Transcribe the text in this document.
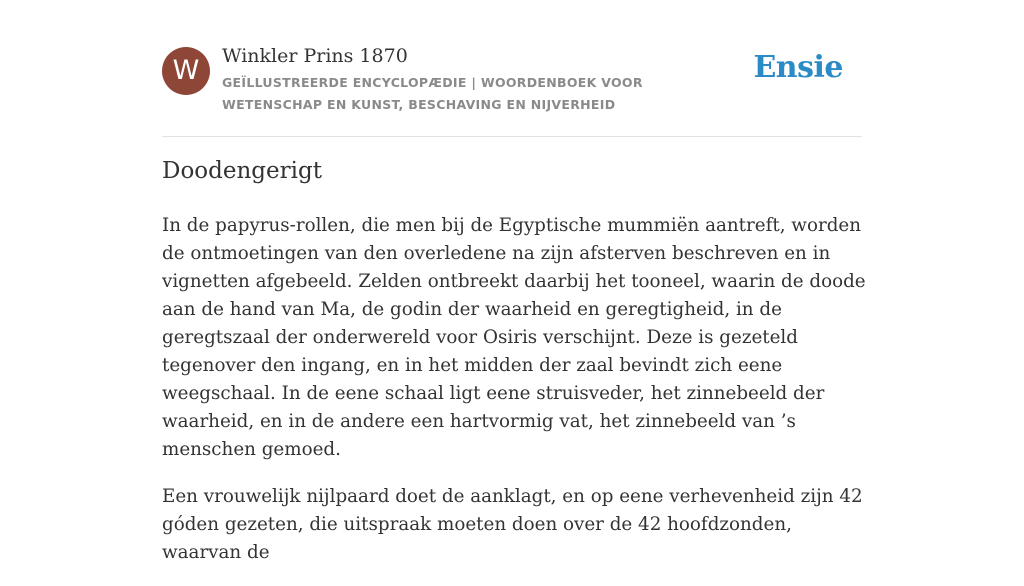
W	Winkler Prins 1870
GEÏLLUSTREERDE ENCYCLOPÆDIE | WOORDENBOEK VOOR WETENSCHAP EN KUNST, BESCHAVING EN NIJVERHEID
Ensie
Doodengerigt

In de papyrus-rollen, die men bij de Egyptische mummiën aantreft, worden de ontmoetingen van den overledene na zijn afsterven beschreven en in vignetten afgebeeld. Zelden ontbreekt daarbij het tooneel, waarin de doode aan de hand van Ma, de godin der waarheid en geregtigheid, in de geregtszaal der onderwereld voor Osiris verschijnt. Deze is gezeteld tegenover den ingang, en in het midden der zaal bevindt zich eene weegschaal. In de eene schaal ligt eene struisveder, het zinnebeeld der waarheid, en in de andere een hartvormig vat, het zinnebeeld van ’s menschen gemoed.

Een vrouwelijk nijlpaard doet de aanklagt, en op eene verhevenheid zijn 42 góden gezeten, die uitspraak moeten doen over de 42 hoofdzonden, waarvan de
